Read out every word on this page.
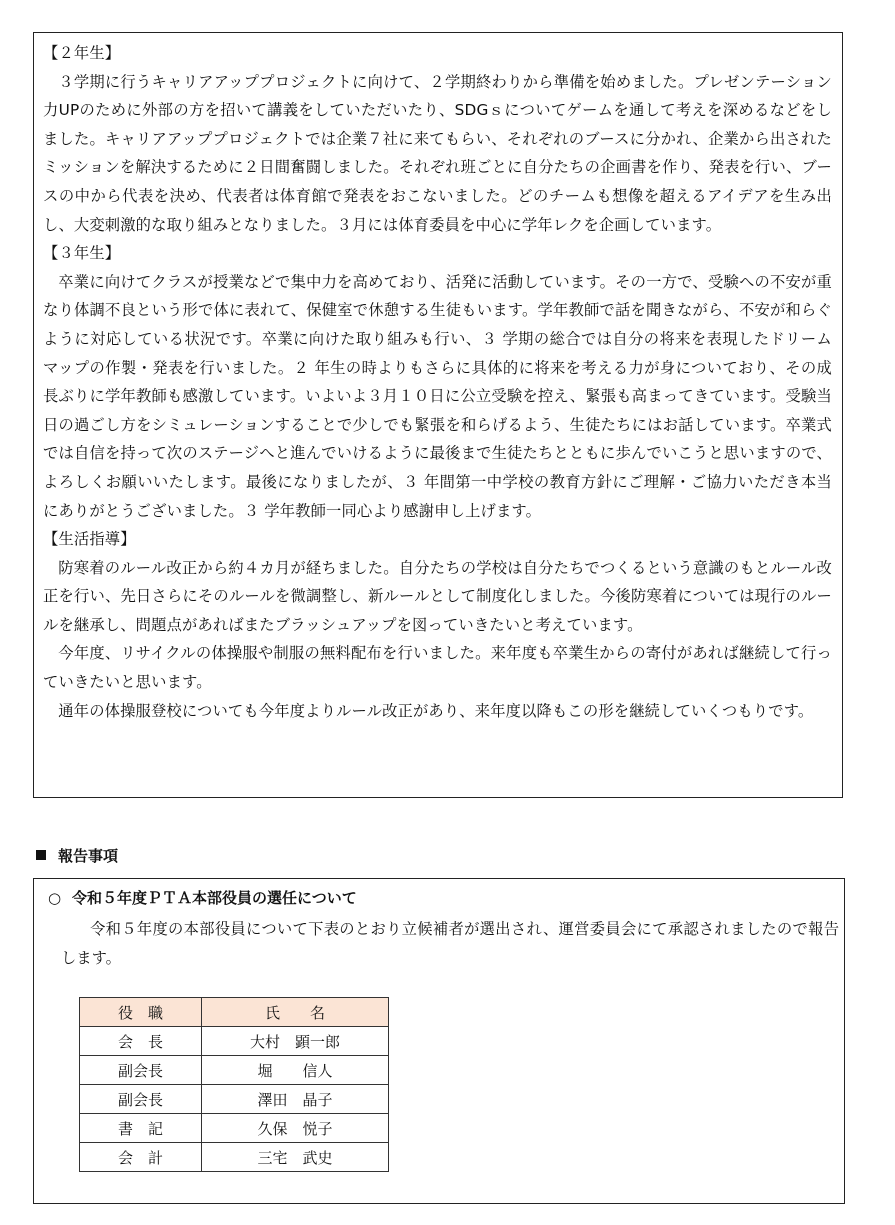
【２年生】

３学期に行うキャリアアッププロジェクトに向けて、２学期終わりから準備を始めました。プレゼンテーション力UPのために外部の方を招いて講義をしていただいたり、SDGｓについてゲームを通して考えを深めるなどをしました。キャリアアッププロジェクトでは企業７社に来てもらい、それぞれのブースに分かれ、企業から出されたミッションを解決するために２日間奮闘しました。それぞれ班ごとに自分たちの企画書を作り、発表を行い、ブースの中から代表を決め、代表者は体育館で発表をおこないました。どのチームも想像を超えるアイデアを生み出し、大変刺激的な取り組みとなりました。３月には体育委員を中心に学年レクを企画しています。

【３年生】

卒業に向けてクラスが授業などで集中力を高めており、活発に活動しています。その一方で、受験への不安が重なり体調不良という形で体に表れて、保健室で休憩する生徒もいます。学年教師で話を聞きながら、不安が和らぐように対応している状況です。卒業に向けた取り組みも行い、３ 学期の総合では自分の将来を表現したドリームマップの作製・発表を行いました。２ 年生の時よりもさらに具体的に将来を考える力が身についており、その成長ぶりに学年教師も感激しています。いよいよ３月１０日に公立受験を控え、緊張も高まってきています。受験当日の過ごし方をシミュレーションすることで少しでも緊張を和らげるよう、生徒たちにはお話しています。卒業式では自信を持って次のステージへと進んでいけるように最後まで生徒たちとともに歩んでいこうと思いますので、よろしくお願いいたします。最後になりましたが、３ 年間第一中学校の教育方針にご理解・ご協力いただき本当にありがとうございました。３ 学年教師一同心より感謝申し上げます。

【生活指導】

防寒着のルール改正から約４カ月が経ちました。自分たちの学校は自分たちでつくるという意識のもとルール改正を行い、先日さらにそのルールを微調整し、新ルールとして制度化しました。今後防寒着については現行のルールを継承し、問題点があればまたブラッシュアップを図っていきたいと考えています。

今年度、リサイクルの体操服や制服の無料配布を行いました。来年度も卒業生からの寄付があれば継続して行っていきたいと思います。

通年の体操服登校についても今年度よりルール改正があり、来年度以降もこの形を継続していくつもりです。

報告事項
○ 令和５年度ＰＴＡ本部役員の選任について

令和５年度の本部役員について下表のとおり立候補者が選出され、運営委員会にて承認されましたので報告します。

役　職	氏　　名
会　長	大村　顕一郎
副会長	堀　　信人
副会長	澤田　晶子
書　記	久保　悦子
会　計	三宅　武史
